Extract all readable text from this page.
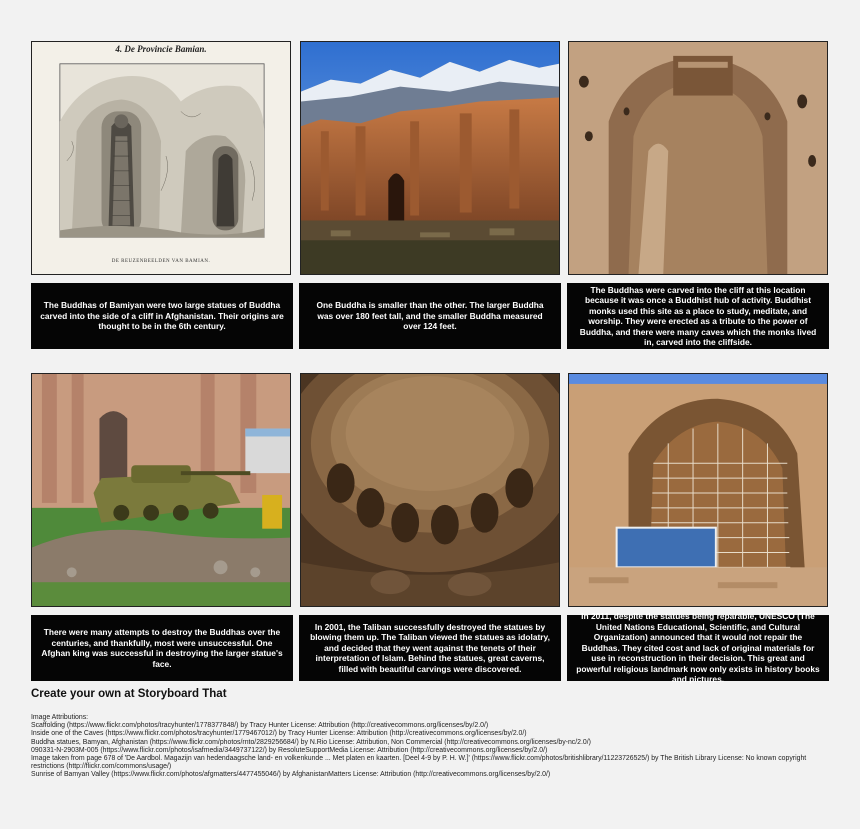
4. De Provincie Bamian.
DE REUZENBEELDEN VAN BAMIAN.
The Buddhas of Bamiyan were two large statues of Buddha carved into the side of a cliff in Afghanistan. Their origins are thought to be in the 6th century.
One Buddha is smaller than the other. The larger Buddha was over 180 feet tall, and the smaller Buddha measured over 124 feet.
The Buddhas were carved into the cliff at this location because it was once a Buddhist hub of activity. Buddhist monks used this site as a place to study, meditate, and worship. They were erected as a tribute to the power of Buddha, and there were many caves which the monks lived in, carved into the cliffside.
There were many attempts to destroy the Buddhas over the centuries, and thankfully, most were unsuccessful. One Afghan king was successful in destroying the larger statue's face.
In 2001, the Taliban successfully destroyed the statues by blowing them up. The Taliban viewed the statues as idolatry, and decided that they went against the tenets of their interpretation of Islam. Behind the statues, great caverns, filled with beautiful carvings were discovered.
In 2011, despite the statues being reparable, UNESCO (The United Nations Educational, Scientific, and Cultural Organization) announced that it would not repair the Buddhas. They cited cost and lack of original materials for use in reconstruction in their decision. This great and powerful religious landmark now only exists in history books and pictures.
Create your own at Storyboard That
Image Attributions:
Scaffolding (https://www.flickr.com/photos/tracyhunter/1778377848/) by Tracy Hunter License: Attribution (http://creativecommons.org/licenses/by/2.0/)
Inside one of the Caves (https://www.flickr.com/photos/tracyhunter/1779467012/) by Tracy Hunter License: Attribution (http://creativecommons.org/licenses/by/2.0/)
Buddha statues, Bamyan, Afghanistan (https://www.flickr.com/photos/rnto/2829256684/) by N.Rio License: Attribution, Non Commercial (http://creativecommons.org/licenses/by-nc/2.0/)
090331-N-2903M-005 (https://www.flickr.com/photos/isafmedia/3449737122/) by ResoluteSupportMedia License: Attribution (http://creativecommons.org/licenses/by/2.0/)
Image taken from page 678 of 'De Aardbol. Magazijn van hedendaagsche land- en volkenkunde ... Met platen en kaarten. [Deel 4-9 by P. H. W.]' (https://www.flickr.com/photos/britishlibrary/11223726525/) by The British Library License: No known copyright restrictions (http://flickr.com/commons/usage/)
Sunrise of Bamyan Valley (https://www.flickr.com/photos/afgmatters/4477455046/) by AfghanistanMatters License: Attribution (http://creativecommons.org/licenses/by/2.0/)
